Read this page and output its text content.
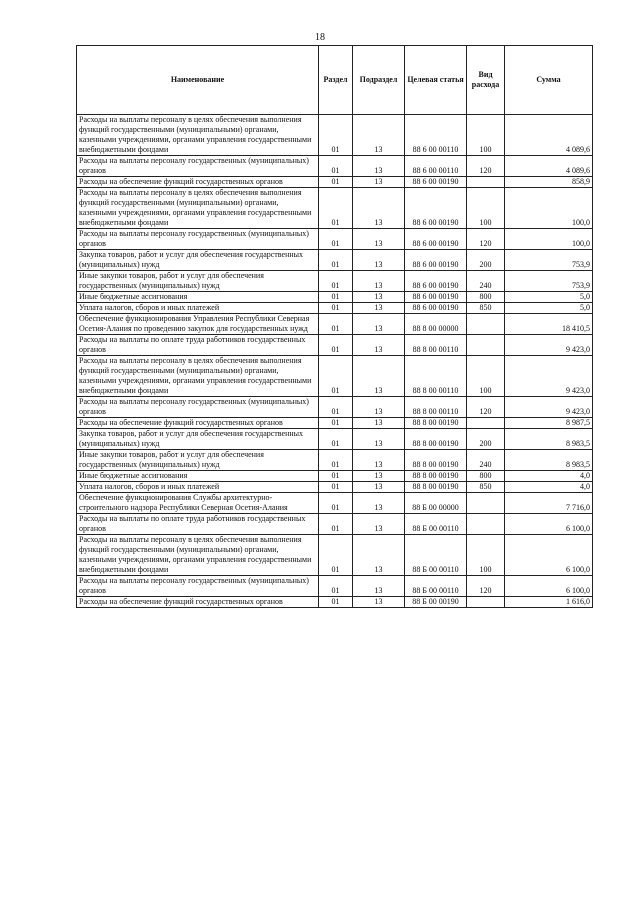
18
Наименование	Раздел	Подраздел	Целевая статья	Вид расхода	Сумма
Расходы на выплаты персоналу в целях обеспечения выполнения функций государственными (муниципальными) органами, казенными учреждениями, органами управления государственными внебюджетными фондами	01	13	88 6 00 00110	100	4 089,6
Расходы на выплаты персоналу государственных (муниципальных) органов	01	13	88 6 00 00110	120	4 089,6
Расходы на обеспечение функций государственных органов	01	13	88 6 00 00190		858,9
Расходы на выплаты персоналу в целях обеспечения выполнения функций государственными (муниципальными) органами, казенными учреждениями, органами управления государственными внебюджетными фондами	01	13	88 6 00 00190	100	100,0
Расходы на выплаты персоналу государственных (муниципальных) органов	01	13	88 6 00 00190	120	100,0
Закупка товаров, работ и услуг для обеспечения государственных (муниципальных) нужд	01	13	88 6 00 00190	200	753,9
Иные закупки товаров, работ и услуг для обеспечения государственных (муниципальных) нужд	01	13	88 6 00 00190	240	753,9
Иные бюджетные ассигнования	01	13	88 6 00 00190	800	5,0
Уплата налогов, сборов и иных платежей	01	13	88 6 00 00190	850	5,0
Обеспечение функционирования Управления Республики Северная Осетия-Алания по проведению закупок для государственных нужд	01	13	88 8 00 00000		18 410,5
Расходы на выплаты по оплате труда работников государственных органов	01	13	88 8 00 00110		9 423,0
Расходы на выплаты персоналу в целях обеспечения выполнения функций государственными (муниципальными) органами, казенными учреждениями, органами управления государственными внебюджетными фондами	01	13	88 8 00 00110	100	9 423,0
Расходы на выплаты персоналу государственных (муниципальных) органов	01	13	88 8 00 00110	120	9 423,0
Расходы на обеспечение функций государственных органов	01	13	88 8 00 00190		8 987,5
Закупка товаров, работ и услуг для обеспечения государственных (муниципальных) нужд	01	13	88 8 00 00190	200	8 983,5
Иные закупки товаров, работ и услуг для обеспечения государственных (муниципальных) нужд	01	13	88 8 00 00190	240	8 983,5
Иные бюджетные ассигнования	01	13	88 8 00 00190	800	4,0
Уплата налогов, сборов и иных платежей	01	13	88 8 00 00190	850	4,0
Обеспечение функционирования Службы архитектурно-строительного надзора Республики Северная Осетия-Алания	01	13	88 Б 00 00000		7 716,0
Расходы на выплаты по оплате труда работников государственных органов	01	13	88 Б 00 00110		6 100,0
Расходы на выплаты персоналу в целях обеспечения выполнения функций государственными (муниципальными) органами, казенными учреждениями, органами управления государственными внебюджетными фондами	01	13	88 Б 00 00110	100	6 100,0
Расходы на выплаты персоналу государственных (муниципальных) органов	01	13	88 Б 00 00110	120	6 100,0
Расходы на обеспечение функций государственных органов	01	13	88 Б 00 00190		1 616,0
